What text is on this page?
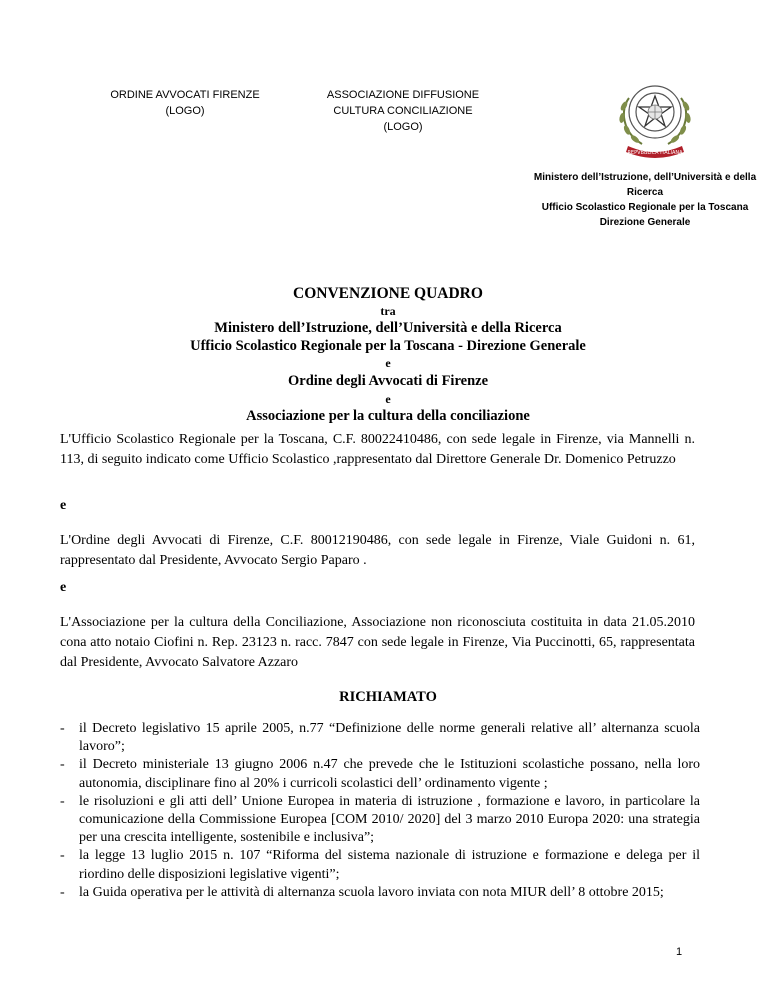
ORDINE AVVOCATI FIRENZE
(LOGO)
ASSOCIAZIONE DIFFUSIONE
CULTURA CONCILIAZIONE
(LOGO)
REPVBBLICA ITALIANA
Ministero dell’Istruzione, dell’Università e della
Ricerca
Ufficio Scolastico Regionale per la Toscana
Direzione Generale
CONVENZIONE QUADRO
tra
Ministero dell’Istruzione, dell’Università e della Ricerca
Ufficio Scolastico Regionale per la Toscana - Direzione Generale
e
Ordine degli Avvocati di Firenze
e
Associazione per la cultura della conciliazione
L'Ufficio Scolastico Regionale per la Toscana, C.F. 80022410486, con sede legale in Firenze, via Mannelli n. 113, di seguito indicato come Ufficio Scolastico ,rappresentato dal Direttore Generale Dr. Domenico Petruzzo
e
L'Ordine degli Avvocati di Firenze, C.F. 80012190486, con sede legale in Firenze, Viale Guidoni n. 61, rappresentato dal Presidente, Avvocato Sergio Paparo .
e
L'Associazione per la cultura della Conciliazione, Associazione non riconosciuta costituita in data 21.05.2010 cona atto notaio Ciofini n. Rep. 23123 n. racc. 7847 con sede legale in Firenze, Via Puccinotti, 65, rappresentata dal Presidente, Avvocato Salvatore Azzaro
RICHIAMATO
- il Decreto legislativo 15 aprile 2005, n.77 “Definizione delle norme generali relative all’ alternanza scuola lavoro”;
- il Decreto ministeriale 13 giugno 2006 n.47 che prevede che le Istituzioni scolastiche possano, nella loro autonomia, disciplinare fino al 20% i curricoli scolastici dell’ ordinamento vigente ;
- le risoluzioni e gli atti dell’ Unione Europea in materia di istruzione , formazione e lavoro, in particolare la comunicazione della Commissione Europea [COM 2010/ 2020] del 3 marzo 2010 Europa 2020: una strategia per una crescita intelligente, sostenibile e inclusiva”;
- la legge 13 luglio 2015 n. 107 “Riforma del sistema nazionale di istruzione e formazione e delega per il riordino delle disposizioni legislative vigenti”;
- la Guida operativa per le attività di alternanza scuola lavoro inviata con nota MIUR dell’ 8 ottobre 2015;
1
